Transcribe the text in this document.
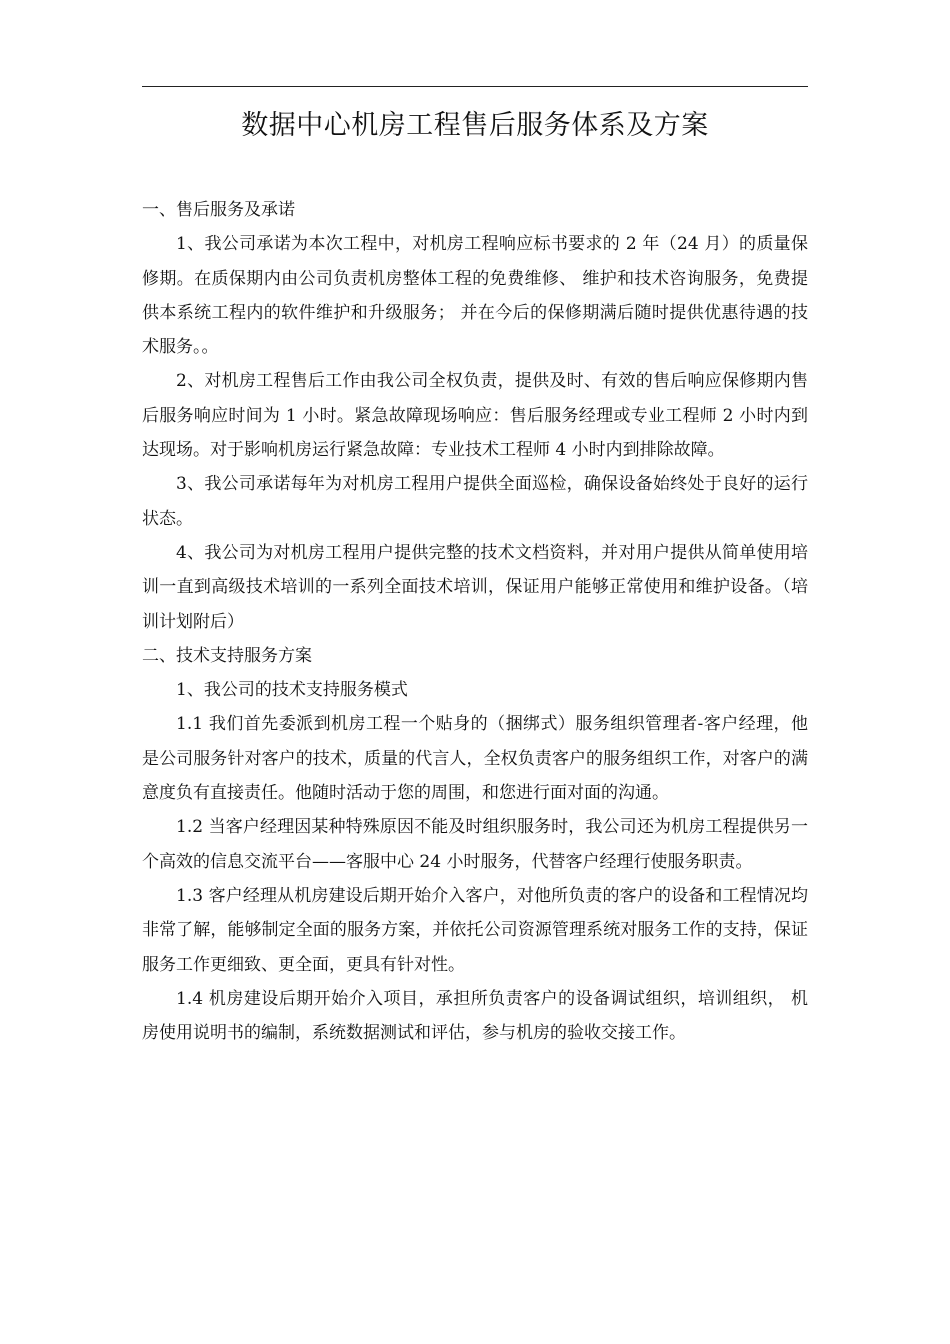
数据中心机房工程售后服务体系及方案

一、售后服务及承诺

1、我公司承诺为本次工程中，对机房工程响应标书要求的 2 年（24 月）的质量保修期。在质保期内由公司负责机房整体工程的免费维修、 维护和技术咨询服务，免费提供本系统工程内的软件维护和升级服务； 并在今后的保修期满后随时提供优惠待遇的技术服务。。

2、对机房工程售后工作由我公司全权负责，提供及时、有效的售后响应保修期内售后服务响应时间为 1 小时。紧急故障现场响应：售后服务经理或专业工程师 2 小时内到达现场。对于影响机房运行紧急故障：专业技术工程师 4 小时内到排除故障。

3、我公司承诺每年为对机房工程用户提供全面巡检，确保设备始终处于良好的运行状态。

4、我公司为对机房工程用户提供完整的技术文档资料，并对用户提供从简单使用培训一直到高级技术培训的一系列全面技术培训，保证用户能够正常使用和维护设备。（培训计划附后）

二、技术支持服务方案

1、我公司的技术支持服务模式

1.1 我们首先委派到机房工程一个贴身的（捆绑式）服务组织管理者-客户经理，他是公司服务针对客户的技术，质量的代言人，全权负责客户的服务组织工作，对客户的满意度负有直接责任。他随时活动于您的周围，和您进行面对面的沟通。

1.2 当客户经理因某种特殊原因不能及时组织服务时，我公司还为机房工程提供另一个高效的信息交流平台——客服中心 24 小时服务，代替客户经理行使服务职责。

1.3 客户经理从机房建设后期开始介入客户，对他所负责的客户的设备和工程情况均非常了解，能够制定全面的服务方案，并依托公司资源管理系统对服务工作的支持，保证服务工作更细致、更全面，更具有针对性。

1.4 机房建设后期开始介入项目，承担所负责客户的设备调试组织，培训组织， 机房使用说明书的编制，系统数据测试和评估，参与机房的验收交接工作。
